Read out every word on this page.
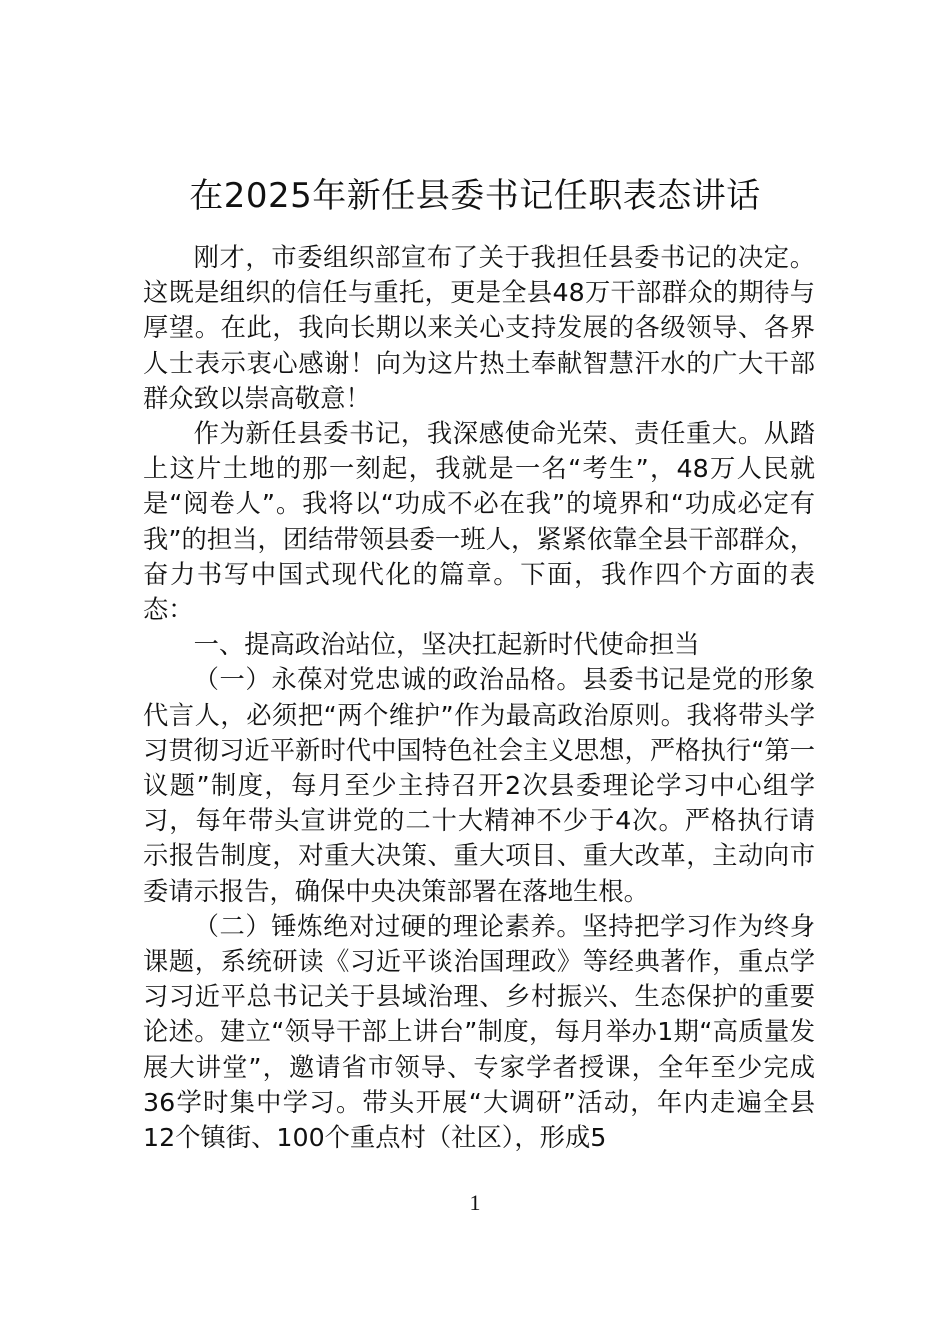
在2025年新任县委书记任职表态讲话

刚才，市委组织部宣布了关于我担任县委书记的决定。这既是组织的信任与重托，更是全县48万干部群众的期待与厚望。在此，我向长期以来关心支持发展的各级领导、各界人士表示衷心感谢！向为这片热土奉献智慧汗水的广大干部群众致以崇高敬意！

作为新任县委书记，我深感使命光荣、责任重大。从踏上这片土地的那一刻起，我就是一名“考生”，48万人民就是“阅卷人”。我将以“功成不必在我”的境界和“功成必定有我”的担当，团结带领县委一班人，紧紧依靠全县干部群众，奋力书写中国式现代化的篇章。下面，我作四个方面的表态：

一、提高政治站位，坚决扛起新时代使命担当

（一）永葆对党忠诚的政治品格。县委书记是党的形象代言人，必须把“两个维护”作为最高政治原则。我将带头学习贯彻习近平新时代中国特色社会主义思想，严格执行“第一议题”制度，每月至少主持召开2次县委理论学习中心组学习，每年带头宣讲党的二十大精神不少于4次。严格执行请示报告制度，对重大决策、重大项目、重大改革，主动向市委请示报告，确保中央决策部署在落地生根。

（二）锤炼绝对过硬的理论素养。坚持把学习作为终身课题，系统研读《习近平谈治国理政》等经典著作，重点学习习近平总书记关于县域治理、乡村振兴、生态保护的重要论述。建立“领导干部上讲台”制度，每月举办1期“高质量发展大讲堂”，邀请省市领导、专家学者授课，全年至少完成36学时集中学习。带头开展“大调研”活动，年内走遍全县12个镇街、100个重点村（社区），形成5

1
